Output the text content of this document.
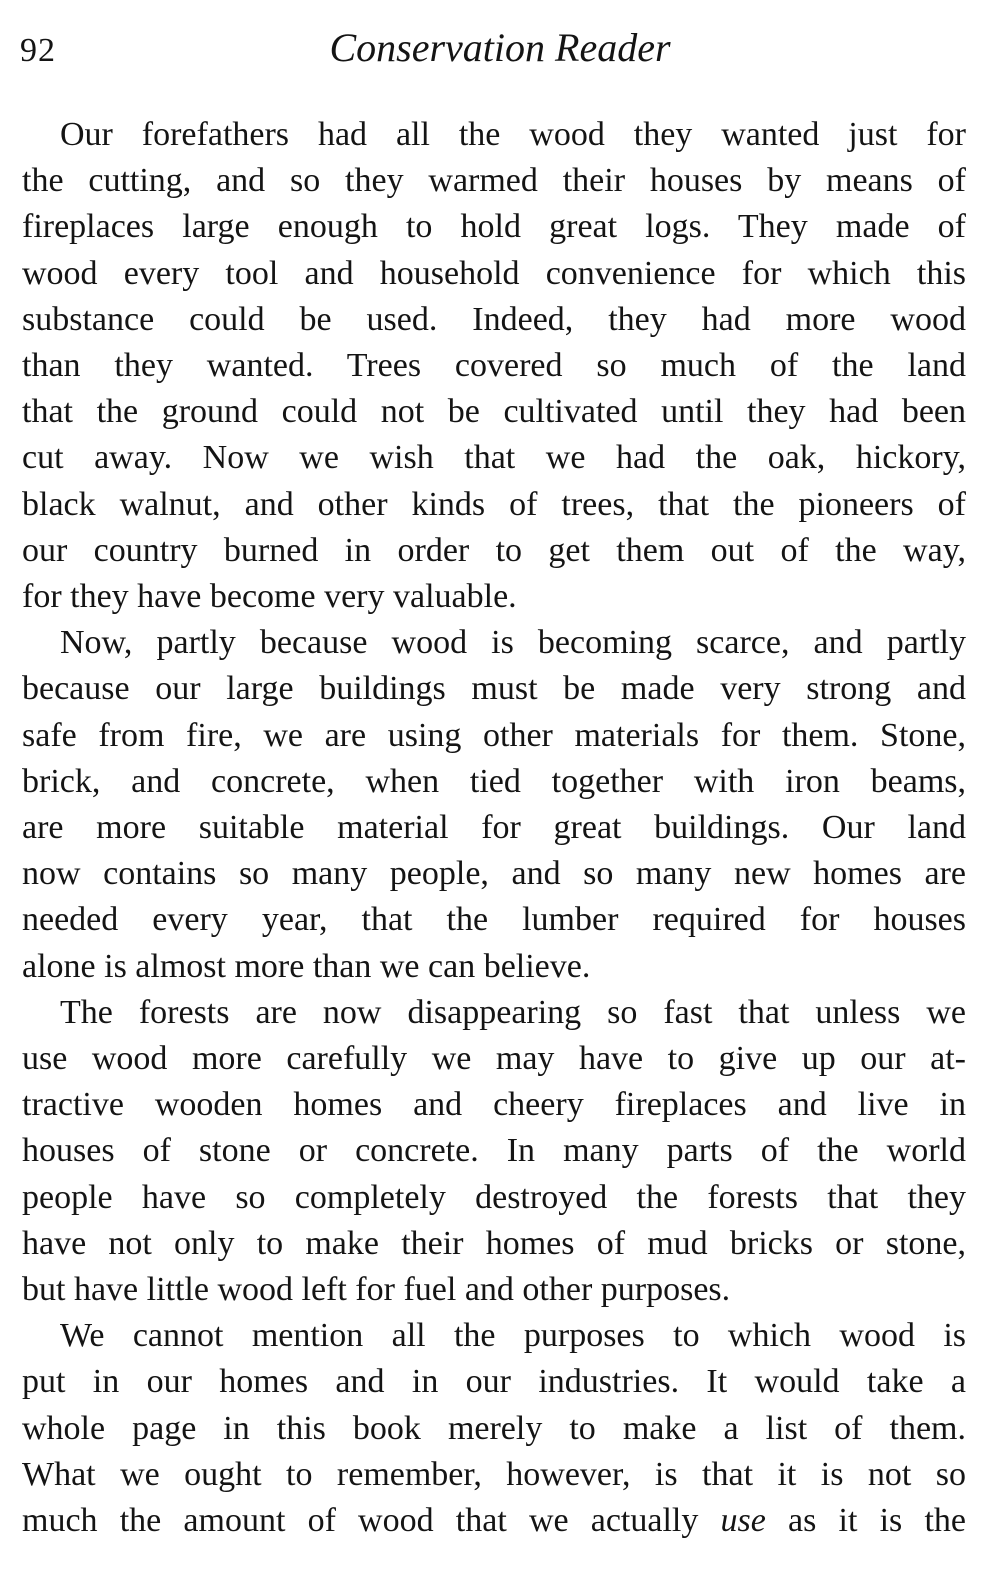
92	Conservation Reader

Our forefathers had all the wood they wanted just for
the cutting, and so they warmed their houses by means of
fireplaces large enough to hold great logs. They made of
wood every tool and household convenience for which this
substance could be used. Indeed, they had more wood
than they wanted. Trees covered so much of the land
that the ground could not be cultivated until they had been
cut away. Now we wish that we had the oak, hickory,
black walnut, and other kinds of trees, that the pioneers of
our country burned in order to get them out of the way,
for they have become very valuable.

Now, partly because wood is becoming scarce, and partly
because our large buildings must be made very strong and
safe from fire, we are using other materials for them. Stone,
brick, and concrete, when tied together with iron beams,
are more suitable material for great buildings. Our land
now contains so many people, and so many new homes are
needed every year, that the lumber required for houses
alone is almost more than we can believe.

The forests are now disappearing so fast that unless we
use wood more carefully we may have to give up our at-
tractive wooden homes and cheery fireplaces and live in
houses of stone or concrete. In many parts of the world
people have so completely destroyed the forests that they
have not only to make their homes of mud bricks or stone,
but have little wood left for fuel and other purposes.

We cannot mention all the purposes to which wood is
put in our homes and in our industries. It would take a
whole page in this book merely to make a list of them.
What we ought to remember, however, is that it is not so
much the amount of wood that we actually use as it is the
